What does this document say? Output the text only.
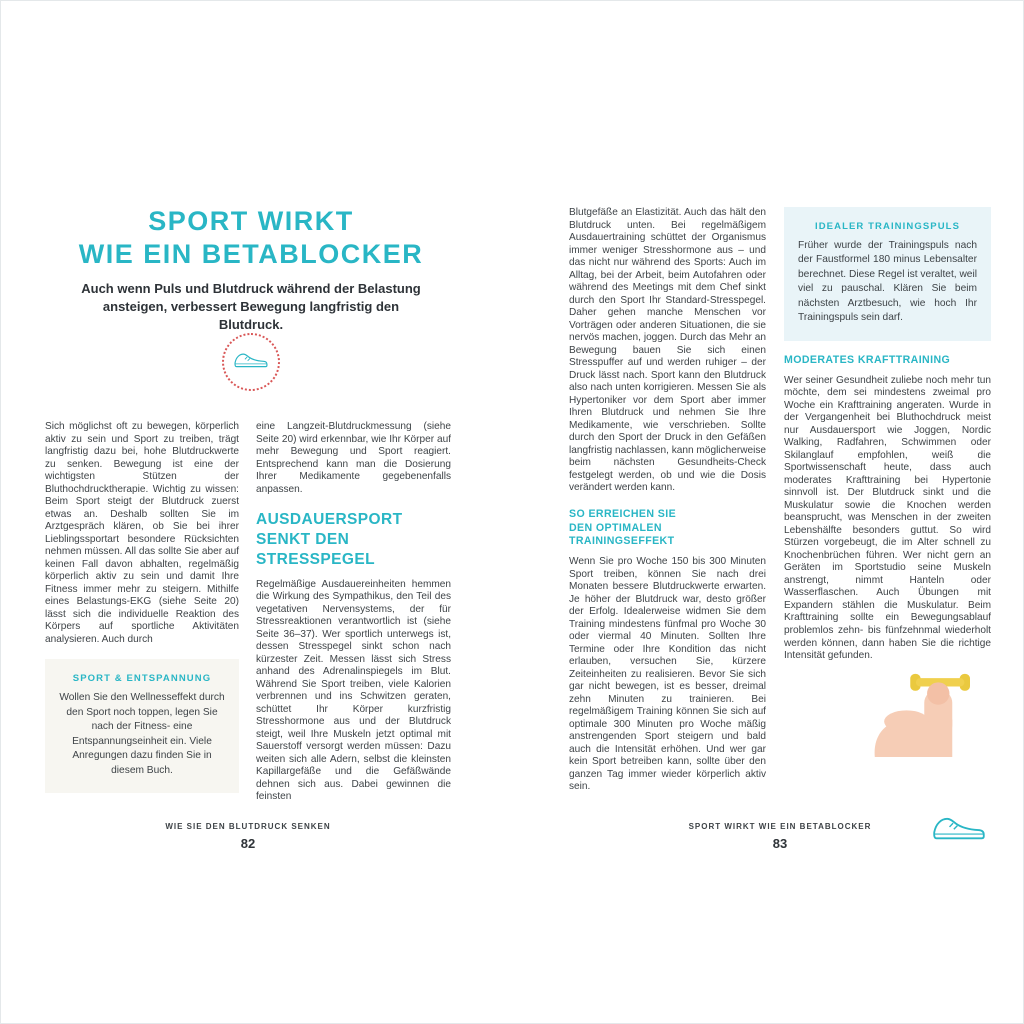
SPORT WIRKT
WIE EIN BETABLOCKER
Auch wenn Puls und Blutdruck während der Belastung ansteigen, verbessert Bewegung langfristig den Blutdruck.

Sich möglichst oft zu bewegen, körperlich aktiv zu sein und Sport zu treiben, trägt langfristig dazu bei, hohe Blutdruckwerte zu senken. Bewegung ist eine der wichtigsten Stützen der Bluthochdrucktherapie. Wichtig zu wissen: Beim Sport steigt der Blutdruck zuerst etwas an. Deshalb sollten Sie im Arztgespräch klären, ob Sie bei ihrer Lieblingssportart besondere Rücksichten nehmen müssen. All das sollte Sie aber auf keinen Fall davon abhalten, regelmäßig körperlich aktiv zu sein und damit Ihre Fitness immer mehr zu steigern. Mithilfe eines Belastungs-EKG (siehe Seite 20) lässt sich die individuelle Reaktion des Körpers auf sportliche Aktivitäten analysieren. Auch durch

SPORT & ENTSPANNUNG
Wollen Sie den Wellnesseffekt durch den Sport noch toppen, legen Sie nach der Fitness- eine Entspannungseinheit ein. Viele Anregungen dazu finden Sie in diesem Buch.

eine Langzeit-Blutdruckmessung (siehe Seite 20) wird erkennbar, wie Ihr Körper auf mehr Bewegung und Sport reagiert. Entsprechend kann man die Dosierung Ihrer Medikamente gegebenenfalls anpassen.

AUSDAUERSPORT
SENKT DEN STRESSPEGEL

Regelmäßige Ausdauereinheiten hemmen die Wirkung des Sympathikus, den Teil des vegetativen Nervensystems, der für Stressreaktionen verantwortlich ist (siehe Seite 36–37). Wer sportlich unterwegs ist, dessen Stresspegel sinkt schon nach kürzester Zeit. Messen lässt sich Stress anhand des Adrenalinspiegels im Blut. Während Sie Sport treiben, viele Kalorien verbrennen und ins Schwitzen geraten, schüttet Ihr Körper kurzfristig Stresshormone aus und der Blutdruck steigt, weil Ihre Muskeln jetzt optimal mit Sauerstoff versorgt werden müssen: Dazu weiten sich alle Adern, selbst die kleinsten Kapillargefäße und die Gefäßwände dehnen sich aus. Dabei gewinnen die feinsten

WIE SIE DEN BLUTDRUCK SENKEN
82

Blutgefäße an Elastizität. Auch das hält den Blutdruck unten. Bei regelmäßigem Ausdauertraining schüttet der Organismus immer weniger Stresshormone aus – und das nicht nur während des Sports: Auch im Alltag, bei der Arbeit, beim Autofahren oder während des Meetings mit dem Chef sinkt durch den Sport Ihr Standard-Stresspegel. Daher gehen manche Menschen vor Vorträgen oder anderen Situationen, die sie nervös machen, joggen. Durch das Mehr an Bewegung bauen Sie sich einen Stresspuffer auf und werden ruhiger – der Druck lässt nach. Sport kann den Blutdruck also nach unten korrigieren. Messen Sie als Hypertoniker vor dem Sport aber immer Ihren Blutdruck und nehmen Sie Ihre Medikamente, wie verschrieben. Sollte durch den Sport der Druck in den Gefäßen langfristig nachlassen, kann möglicherweise beim nächsten Gesundheits-Check festgelegt werden, ob und wie die Dosis verändert werden kann.

SO ERREICHEN SIE
DEN OPTIMALEN TRAININGSEFFEKT

Wenn Sie pro Woche 150 bis 300 Minuten Sport treiben, können Sie nach drei Monaten bessere Blutdruckwerte erwarten. Je höher der Blutdruck war, desto größer der Erfolg. Idealerweise widmen Sie dem Training mindestens fünfmal pro Woche 30 oder viermal 40 Minuten. Sollten Ihre Termine oder Ihre Kondition das nicht erlauben, versuchen Sie, kürzere Zeiteinheiten zu realisieren. Bevor Sie sich gar nicht bewegen, ist es besser, dreimal zehn Minuten zu trainieren. Bei regelmäßigem Training können Sie sich auf optimale 300 Minuten pro Woche mäßig anstrengenden Sport steigern und bald auch die Intensität erhöhen. Und wer gar kein Sport betreiben kann, sollte über den ganzen Tag immer wieder körperlich aktiv sein.

IDEALER TRAININGSPULS
Früher wurde der Trainingspuls nach der Faustformel 180 minus Lebensalter berechnet. Diese Regel ist veraltet, weil viel zu pauschal. Klären Sie beim nächsten Arztbesuch, wie hoch Ihr Trainingspuls sein darf.
MODERATES KRAFTTRAINING

Wer seiner Gesundheit zuliebe noch mehr tun möchte, dem sei mindestens zweimal pro Woche ein Krafttraining angeraten. Wurde in der Vergangenheit bei Bluthochdruck meist nur Ausdauersport wie Joggen, Nordic Walking, Radfahren, Schwimmen oder Skilanglauf empfohlen, weiß die Sportwissenschaft heute, dass auch moderates Krafttraining bei Hypertonie sinnvoll ist. Der Blutdruck sinkt und die Muskulatur sowie die Knochen werden beansprucht, was Menschen in der zweiten Lebenshälfte besonders guttut. So wird Stürzen vorgebeugt, die im Alter schnell zu Knochenbrüchen führen. Wer nicht gern an Geräten im Sportstudio seine Muskeln anstrengt, nimmt Hanteln oder Wasserflaschen. Auch Übungen mit Expandern stählen die Muskulatur. Beim Krafttraining sollte ein Bewegungsablauf problemlos zehn- bis fünfzehnmal wiederholt werden können, dann haben Sie die richtige Intensität gefunden.

SPORT WIRKT WIE EIN BETABLOCKER
83
